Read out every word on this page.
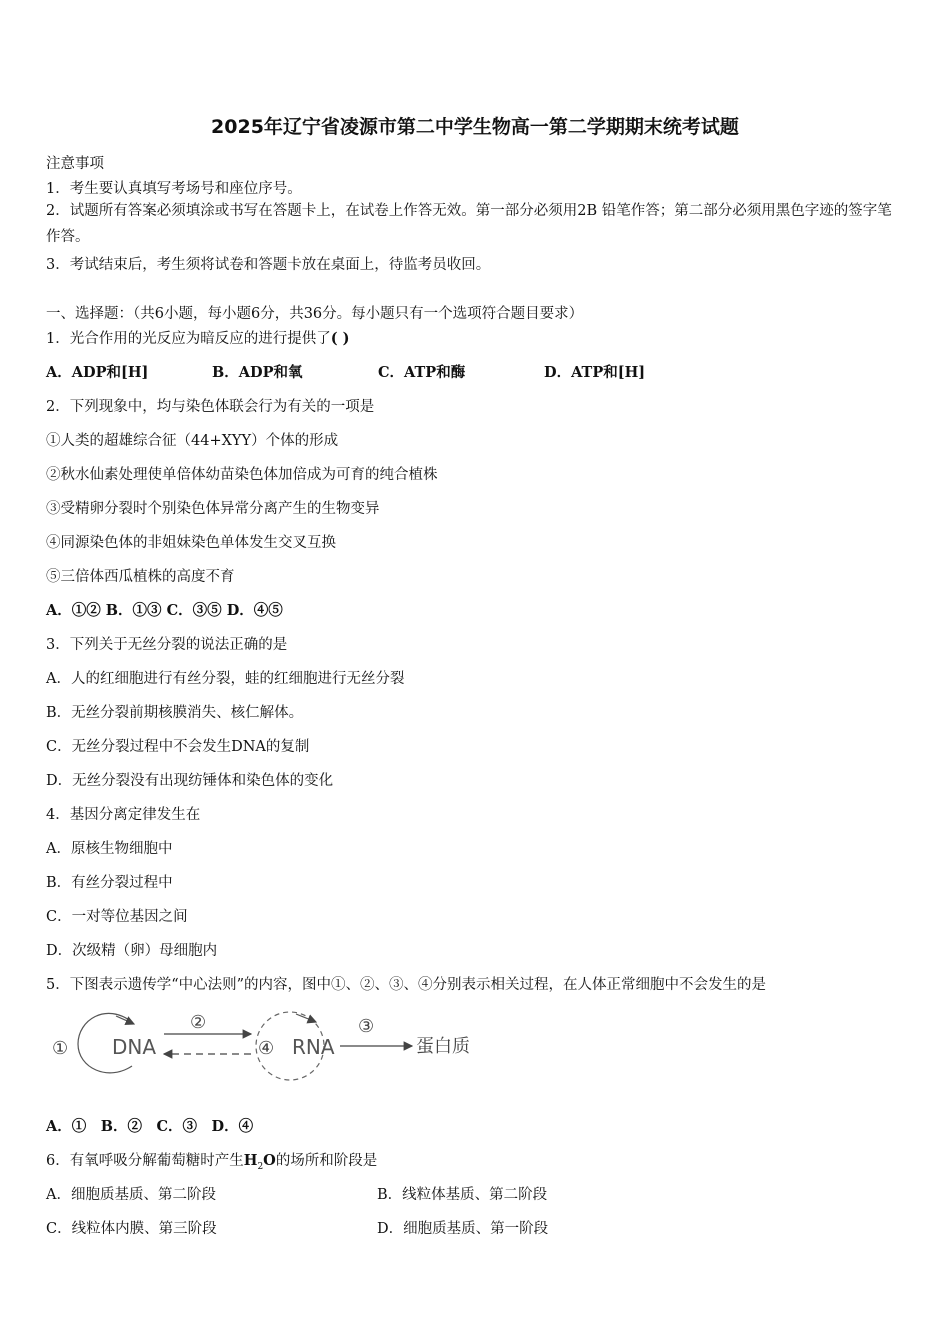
2025年辽宁省凌源市第二中学生物高一第二学期期末统考试题
注意事项
1．考生要认真填写考场号和座位序号。
2．试题所有答案必须填涂或书写在答题卡上，在试卷上作答无效。第一部分必须用2B 铅笔作答；第二部分必须用黑色字迹的签字笔作答。
3．考试结束后，考生须将试卷和答题卡放在桌面上，待监考员收回。
一、选择题：（共6小题，每小题6分，共36分。每小题只有一个选项符合题目要求）
1．光合作用的光反应为暗反应的进行提供了( )
A．ADP和[H]	B．ADP和氧	C．ATP和酶	D．ATP和[H]
2．下列现象中，均与染色体联会行为有关的一项是
①人类的超雄综合征（44+XYY）个体的形成
②秋水仙素处理使单倍体幼苗染色体加倍成为可育的纯合植株
③受精卵分裂时个别染色体异常分离产生的生物变异
④同源染色体的非姐妹染色单体发生交叉互换
⑤三倍体西瓜植株的高度不育
A．①② B．①③ C．③⑤ D．④⑤
3．下列关于无丝分裂的说法正确的是
A．人的红细胞进行有丝分裂，蛙的红细胞进行无丝分裂
B．无丝分裂前期核膜消失、核仁解体。
C．无丝分裂过程中不会发生DNA的复制
D．无丝分裂没有出现纺锤体和染色体的变化
4．基因分离定律发生在
A．原核生物细胞中
B．有丝分裂过程中
C．一对等位基因之间
D．次级精（卵）母细胞内
5．下图表示遗传学“中心法则”的内容，图中①、②、③、④分别表示相关过程，在人体正常细胞中不会发生的是
① DNA
②
④ RNA
③
蛋白质
A．①　B．②　C．③　D．④
6．有氧呼吸分解葡萄糖时产生$H_2O$的场所和阶段是
A．细胞质基质、第二阶段	B．线粒体基质、第二阶段
C．线粒体内膜、第三阶段	D．细胞质基质、第一阶段
